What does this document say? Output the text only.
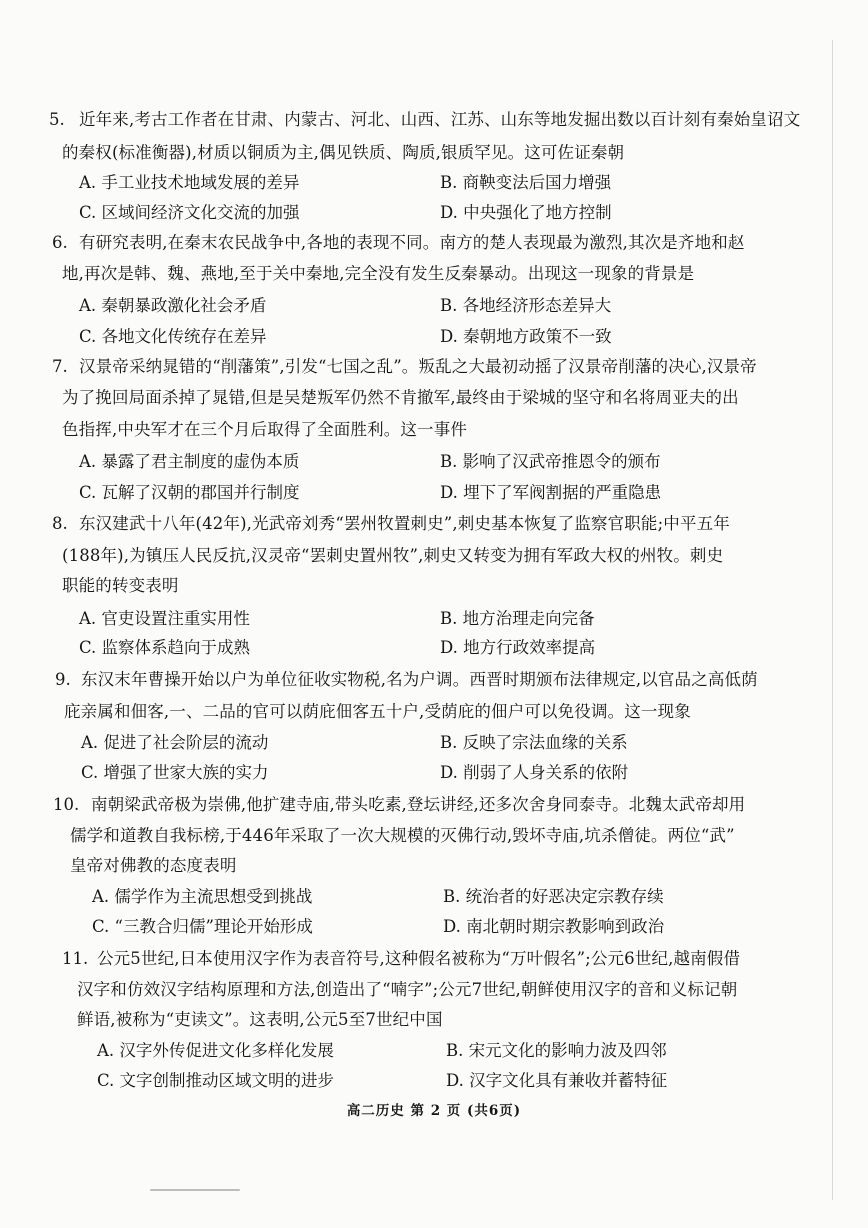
5. 近年来,考古工作者在甘肃、内蒙古、河北、山西、江苏、山东等地发掘出数以百计刻有秦始皇诏文
的秦权(标准衡器),材质以铜质为主,偶见铁质、陶质,银质罕见。这可佐证秦朝
A. 手工业技术地域发展的差异	B. 商鞅变法后国力增强
C. 区域间经济文化交流的加强	D. 中央强化了地方控制
6. 有研究表明,在秦末农民战争中,各地的表现不同。南方的楚人表现最为激烈,其次是齐地和赵
地,再次是韩、魏、燕地,至于关中秦地,完全没有发生反秦暴动。出现这一现象的背景是
A. 秦朝暴政激化社会矛盾	B. 各地经济形态差异大
C. 各地文化传统存在差异	D. 秦朝地方政策不一致
7. 汉景帝采纳晁错的“削藩策”,引发“七国之乱”。叛乱之大最初动摇了汉景帝削藩的决心,汉景帝
为了挽回局面杀掉了晁错,但是吴楚叛军仍然不肯撤军,最终由于梁城的坚守和名将周亚夫的出
色指挥,中央军才在三个月后取得了全面胜利。这一事件
A. 暴露了君主制度的虚伪本质	B. 影响了汉武帝推恩令的颁布
C. 瓦解了汉朝的郡国并行制度	D. 埋下了军阀割据的严重隐患
8. 东汉建武十八年(42年),光武帝刘秀“罢州牧置刺史”,刺史基本恢复了监察官职能;中平五年
(188年),为镇压人民反抗,汉灵帝“罢刺史置州牧”,刺史又转变为拥有军政大权的州牧。刺史
职能的转变表明
A. 官吏设置注重实用性	B. 地方治理走向完备
C. 监察体系趋向于成熟	D. 地方行政效率提高
9. 东汉末年曹操开始以户为单位征收实物税,名为户调。西晋时期颁布法律规定,以官品之高低荫
庇亲属和佃客,一、二品的官可以荫庇佃客五十户,受荫庇的佃户可以免役调。这一现象
A. 促进了社会阶层的流动	B. 反映了宗法血缘的关系
C. 增强了世家大族的实力	D. 削弱了人身关系的依附
10. 南朝梁武帝极为崇佛,他扩建寺庙,带头吃素,登坛讲经,还多次舍身同泰寺。北魏太武帝却用
儒学和道教自我标榜,于446年采取了一次大规模的灭佛行动,毁坏寺庙,坑杀僧徒。两位“武”
皇帝对佛教的态度表明
A. 儒学作为主流思想受到挑战	B. 统治者的好恶决定宗教存续
C. “三教合归儒”理论开始形成	D. 南北朝时期宗教影响到政治
11. 公元5世纪,日本使用汉字作为表音符号,这种假名被称为“万叶假名”;公元6世纪,越南假借
汉字和仿效汉字结构原理和方法,创造出了“喃字”;公元7世纪,朝鲜使用汉字的音和义标记朝
鲜语,被称为“吏读文”。这表明,公元5至7世纪中国
A. 汉字外传促进文化多样化发展	B. 宋元文化的影响力波及四邻
C. 文字创制推动区域文明的进步	D. 汉字文化具有兼收并蓄特征
高二历史 第 2 页 (共6页)
